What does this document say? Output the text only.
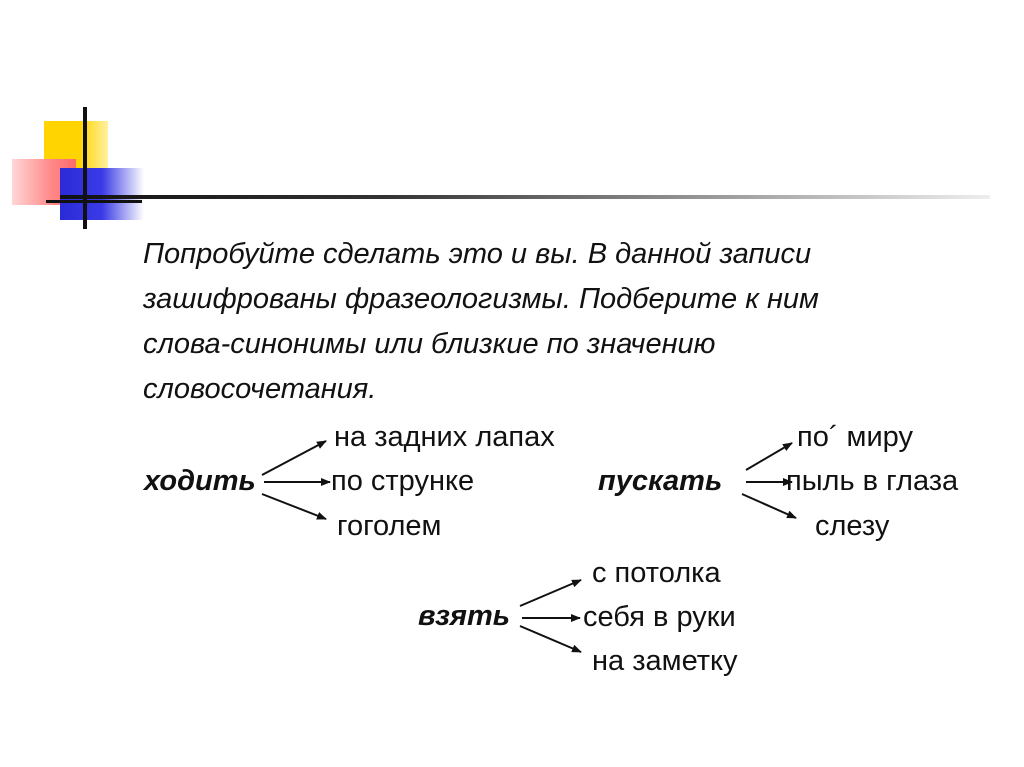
Попробуйте сделать это и вы. В данной записи
зашифрованы фразеологизмы. Подберите к ним
слова-синонимы или близкие по значению
словосочетания.
ходить
на задних лапах
по струнке
гоголем
пускать
по´ миру
пыль в глаза
слезу
взять
с потолка
себя в руки
на заметку
